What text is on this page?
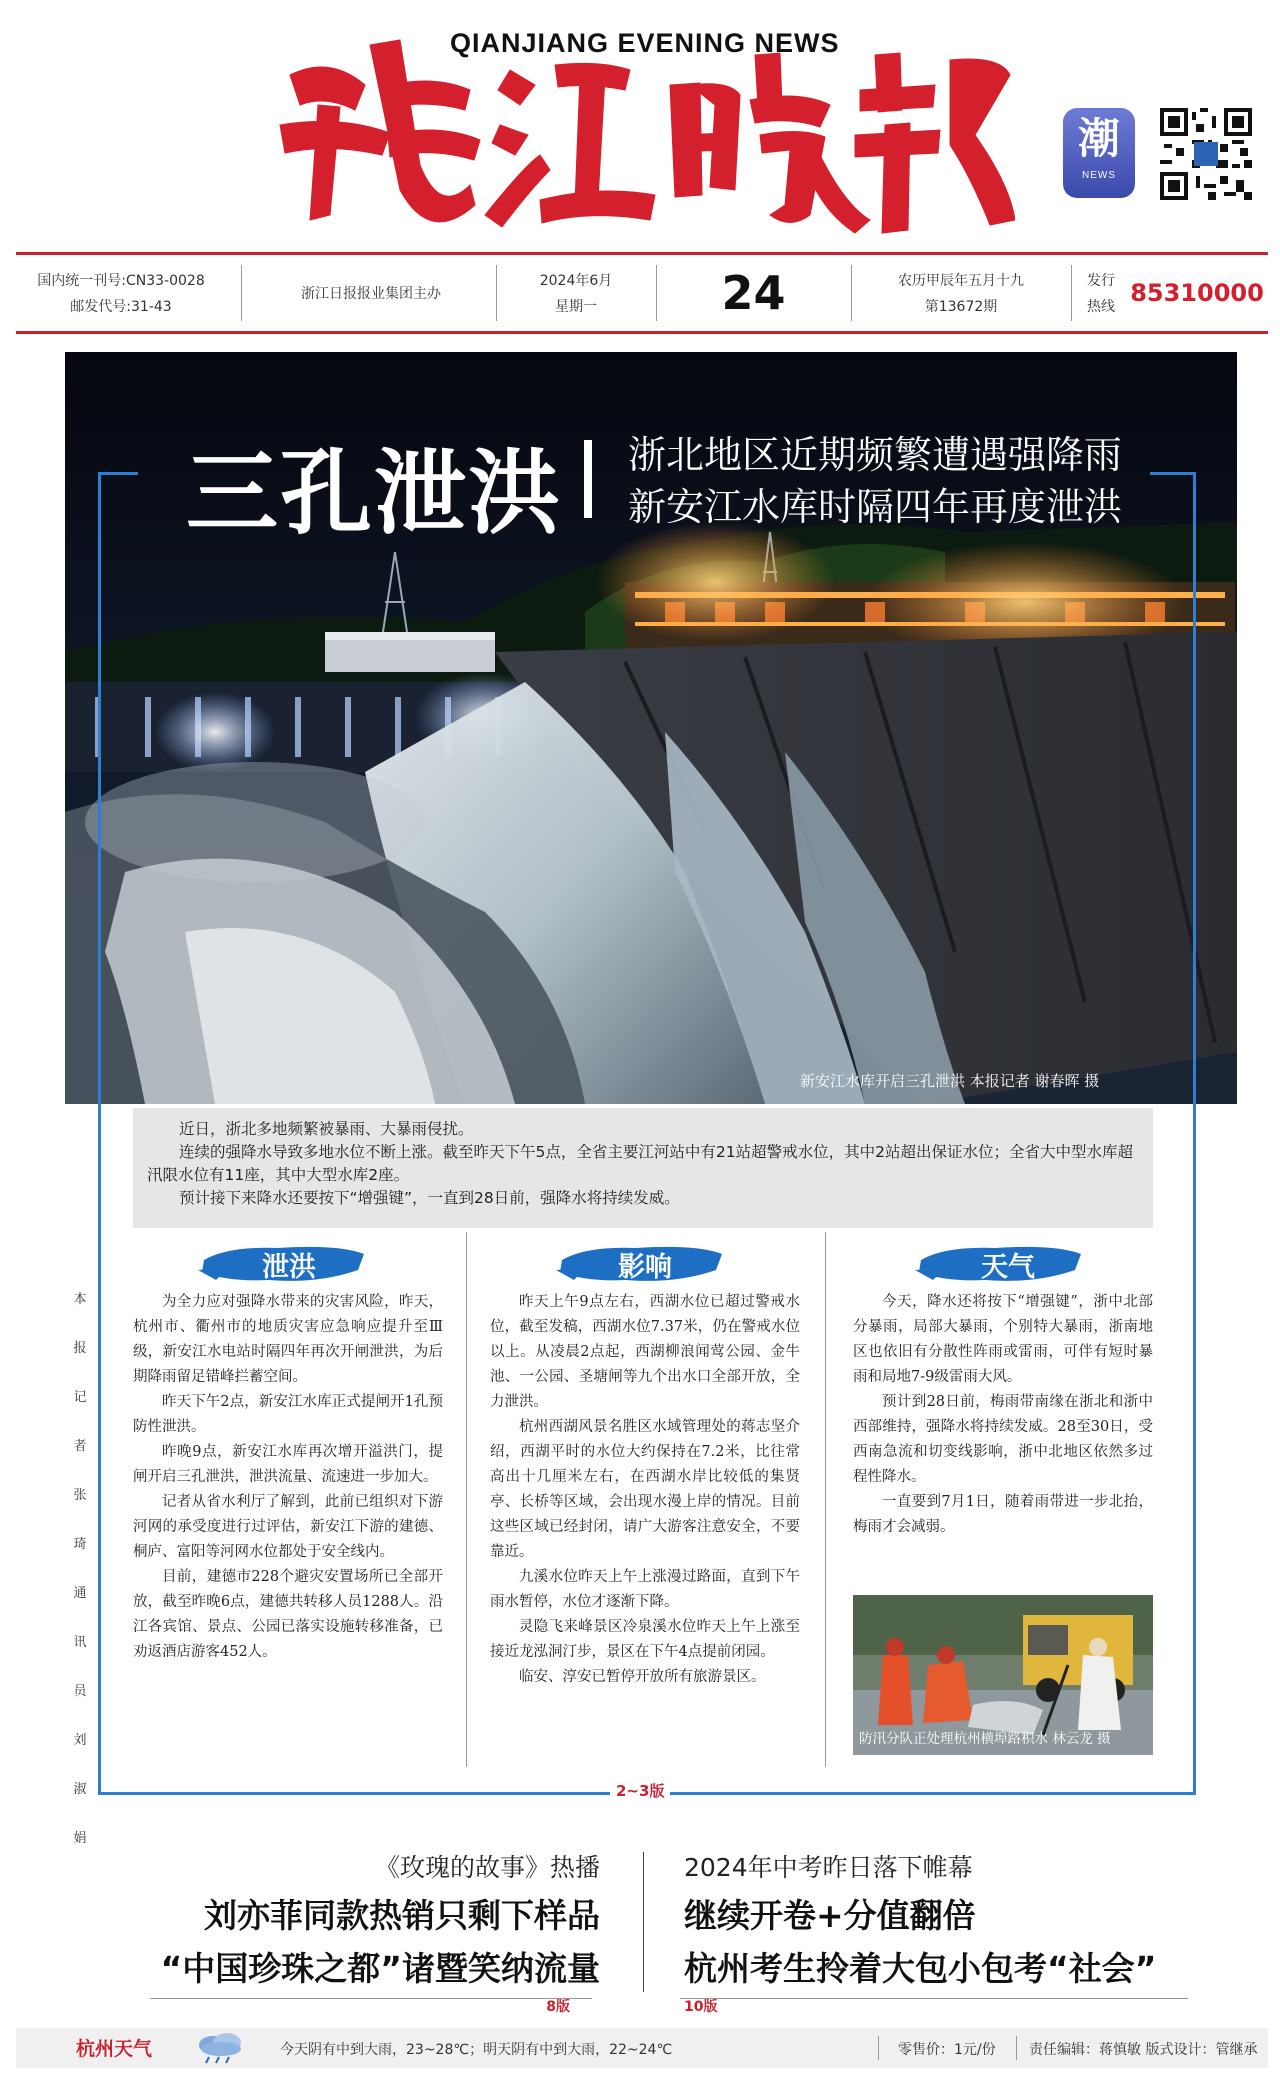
QIANJIANG EVENING NEWS
潮
NEWS
国内统一刊号:CN33-0028
邮发代号:31-43
浙江日报报业集团主办
2024年6月
星期一	24	农历甲辰年五月十九
第13672期
发行
热线 85310000
三孔泄洪 浙北地区近期频繁遭遇强降雨
新安江水库时隔四年再度泄洪
新安江水库开启三孔泄洪 本报记者 谢春晖 摄

近日，浙北多地频繁被暴雨、大暴雨侵扰。

连续的强降水导致多地水位不断上涨。截至昨天下午5点，全省主要江河站中有21站超警戒水位，其中2站超出保证水位；全省大中型水库超汛限水位有11座，其中大型水库2座。

预计接下来降水还要按下“增强键”，一直到28日前，强降水将持续发威。

本
报
记
者
张
琦
通
讯
员
刘
淑
娟
泄洪	影响	天气

为全力应对强降水带来的灾害风险，昨天，杭州市、衢州市的地质灾害应急响应提升至Ⅲ级，新安江水电站时隔四年再次开闸泄洪，为后期降雨留足错峰拦蓄空间。

昨天下午2点，新安江水库正式提闸开1孔预防性泄洪。

昨晚9点，新安江水库再次增开溢洪门，提闸开启三孔泄洪，泄洪流量、流速进一步加大。

记者从省水利厅了解到，此前已组织对下游河网的承受度进行过评估，新安江下游的建德、桐庐、富阳等河网水位都处于安全线内。

目前，建德市228个避灾安置场所已全部开放，截至昨晚6点，建德共转移人员1288人。沿江各宾馆、景点、公园已落实设施转移准备，已劝返酒店游客452人。

昨天上午9点左右，西湖水位已超过警戒水位，截至发稿，西湖水位7.37米，仍在警戒水位以上。从凌晨2点起，西湖柳浪闻莺公园、金牛池、一公园、圣塘闸等九个出水口全部开放，全力泄洪。

杭州西湖风景名胜区水域管理处的蒋志坚介绍，西湖平时的水位大约保持在7.2米，比往常高出十几厘米左右，在西湖水岸比较低的集贤亭、长桥等区域，会出现水漫上岸的情况。目前这些区域已经封闭，请广大游客注意安全，不要靠近。

九溪水位昨天上午上涨漫过路面，直到下午雨水暂停，水位才逐渐下降。

灵隐飞来峰景区冷泉溪水位昨天上午上涨至接近龙泓洞汀步，景区在下午4点提前闭园。

临安、淳安已暂停开放所有旅游景区。

今天，降水还将按下“增强键”，浙中北部分暴雨，局部大暴雨，个别特大暴雨，浙南地区也依旧有分散性阵雨或雷雨，可伴有短时暴雨和局地7-9级雷雨大风。

预计到28日前，梅雨带南缘在浙北和浙中西部维持，强降水将持续发威。28至30日，受西南急流和切变线影响，浙中北地区依然多过程性降水。

一直要到7月1日，随着雨带进一步北抬，梅雨才会减弱。

防汛分队正处理杭州横埠路积水 林云龙 摄
2~3版
《玫瑰的故事》热播
刘亦菲同款热销只剩下样品
“中国珍珠之都”诸暨笑纳流量
8版
2024年中考昨日落下帷幕
继续开卷+分值翻倍
杭州考生拎着大包小包考“社会”
10版
杭州天气	今天阴有中到大雨，23~28℃；明天阴有中到大雨，22~24℃	零售价：1元/份 责任编辑：蒋慎敏 版式设计：管继承
